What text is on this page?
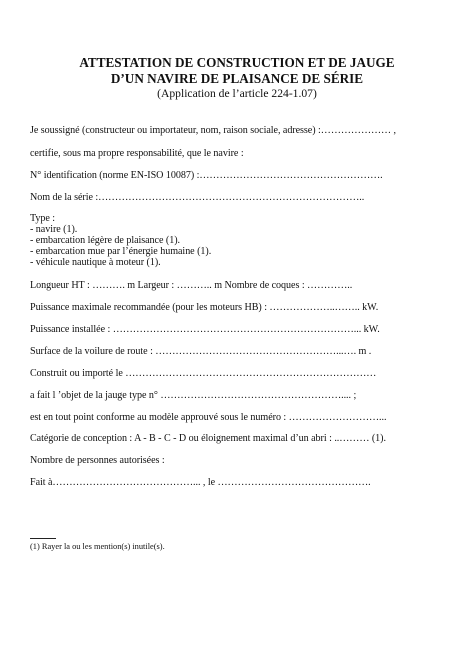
ATTESTATION DE CONSTRUCTION ET DE JAUGE
D’UN NAVIRE DE PLAISANCE DE SÉRIE
(Application de l’article 224-1.07)
Je soussigné (constructeur ou importateur, nom, raison sociale, adresse) :………………… ,
certifie, sous ma propre responsabilité, que le navire :
N° identification (norme EN-ISO 10087) :……………………………………………….
Nom de la série :……………………………………………………………………..
Type :
- navire (1).
- embarcation légère de plaisance (1).
- embarcation mue par l’énergie humaine (1).
- véhicule nautique à moteur (1).
Longueur HT : ………. m Largeur : ……….. m Nombre de coques : …………..
Puissance maximale recommandée (pour les moteurs HB) : ………………..…….. kW.
Puissance installée : ………………………………………………………………... kW.
Surface de la voilure de route : ………………………………………………...…. m .
Construit ou importé le …………………………………………………………………
a fait l ’objet de la jauge type n° ……………………………………………….... ;
est en tout point conforme au modèle approuvé sous le numéro : ………………………...
Catégorie de conception : A - B - C - D ou éloignement maximal d’un abri : ..……… (1).
Nombre de personnes autorisées :
Fait à……………………………………... , le ……………………………………….
(1) Rayer la ou les mention(s) inutile(s).
